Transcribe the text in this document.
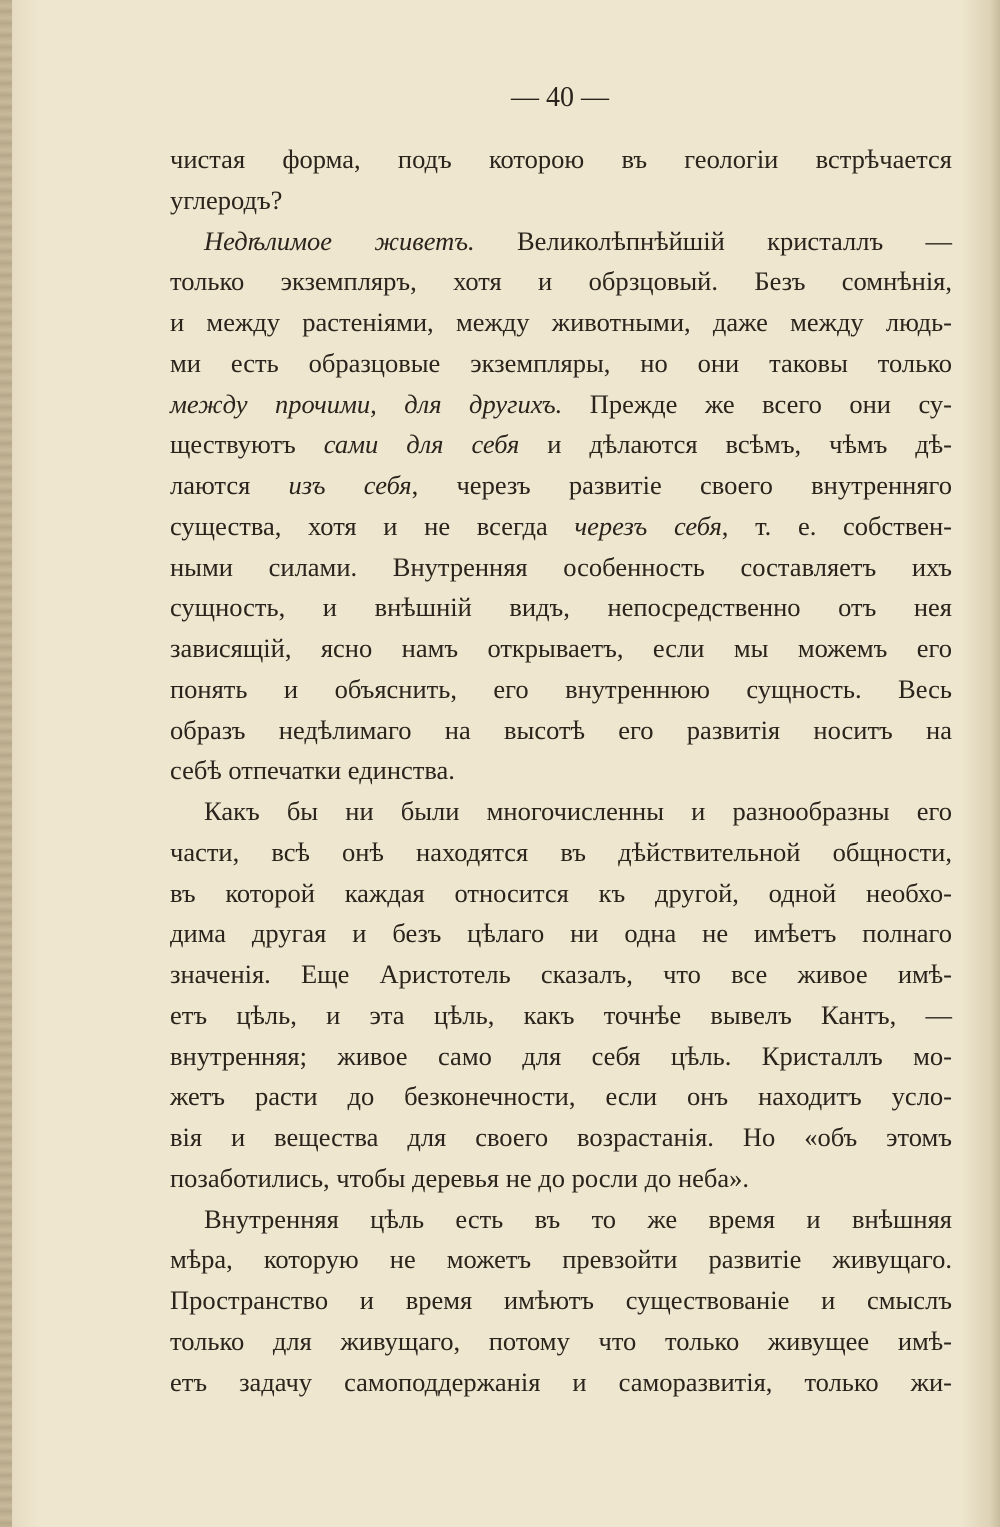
— 40 —
чистая форма, подъ которою въ геологіи встрѣчается
углеродъ?
Недѣлимое живетъ. Великолѣпнѣйшій кристаллъ —
только экземпляръ, хотя и обрзцовый. Безъ сомнѣнія,
и между растеніями, между животными, даже между людь-
ми есть образцовые экземпляры, но они таковы только
между прочими, для другихъ. Прежде же всего они су-
ществуютъ сами для себя и дѣлаются всѣмъ, чѣмъ дѣ-
лаются изъ себя, черезъ развитіе своего внутренняго
существа, хотя и не всегда черезъ себя, т. е. собствен-
ными силами. Внутренняя особенность составляетъ ихъ
сущность, и внѣшній видъ, непосредственно отъ нея
зависящій, ясно намъ открываетъ, если мы можемъ его
понять и объяснить, его внутреннюю сущность. Весь
образъ недѣлимаго на высотѣ его развитія носитъ на
себѣ отпечатки единства.
Какъ бы ни были многочисленны и разнообразны его
части, всѣ онѣ находятся въ дѣйствительной общности,
въ которой каждая относится къ другой, одной необхо-
дима другая и безъ цѣлаго ни одна не имѣетъ полнаго
значенія. Еще Аристотель сказалъ, что все живое имѣ-
етъ цѣль, и эта цѣль, какъ точнѣе вывелъ Кантъ, —
внутренняя; живое само для себя цѣль. Кристаллъ мо-
жетъ расти до безконечности, если онъ находитъ усло-
вія и вещества для своего возрастанія. Но «объ этомъ
позаботились, чтобы деревья не до росли до неба».
Внутренняя цѣль есть въ то же время и внѣшняя
мѣра, которую не можетъ превзойти развитіе живущаго.
Пространство и время имѣютъ существованіе и смыслъ
только для живущаго, потому что только живущее имѣ-
етъ задачу самоподдержанія и саморазвитія, только жи-
